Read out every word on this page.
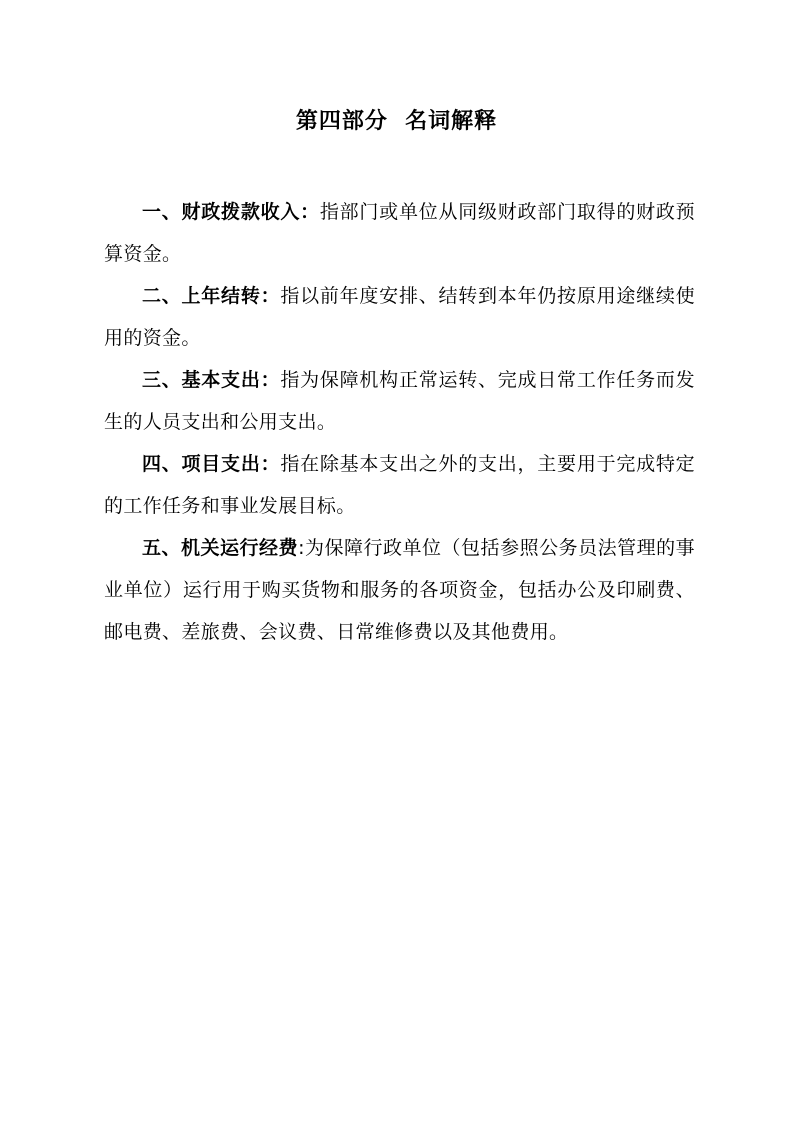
第四部分  名词解释

一、财政拨款收入：指部门或单位从同级财政部门取得的财政预算资金。

二、上年结转：指以前年度安排、结转到本年仍按原用途继续使用的资金。

三、基本支出：指为保障机构正常运转、完成日常工作任务而发生的人员支出和公用支出。

四、项目支出：指在除基本支出之外的支出，主要用于完成特定的工作任务和事业发展目标。

五、机关运行经费:为保障行政单位（包括参照公务员法管理的事业单位）运行用于购买货物和服务的各项资金，包括办公及印刷费、邮电费、差旅费、会议费、日常维修费以及其他费用。
